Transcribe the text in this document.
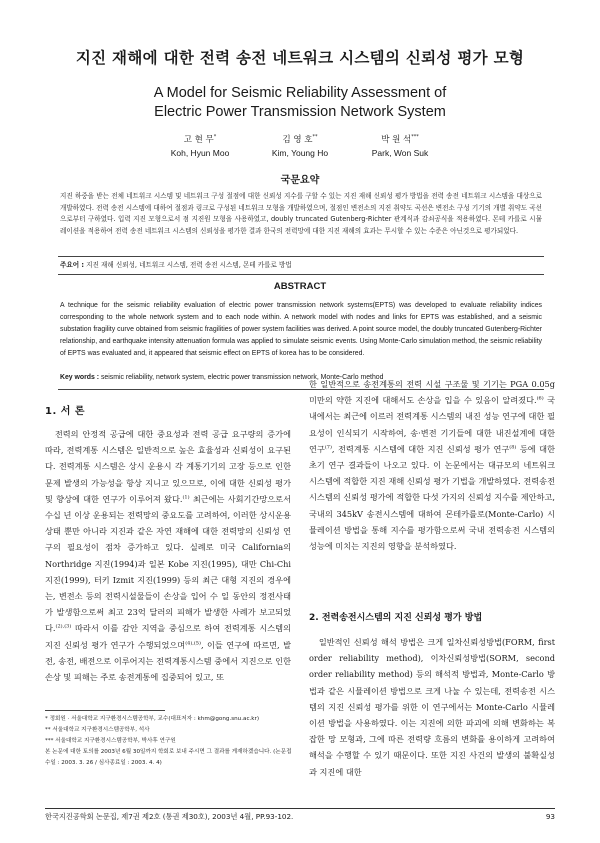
지진 재해에 대한 전력 송전 네트워크 시스템의 신뢰성 평가 모형
A Model for Seismic Reliability Assessment of
Electric Power Transmission Network System
고 현 무*
Koh, Hyun Moo
김 영 호**
Kim, Young Ho
박 원 석***
Park, Won Suk
국문요약
지진 하중을 받는 전체 네트워크 시스템 및 네트워크 구성 절점에 대한 신뢰성 지수를 구할 수 있는 지진 재해 신뢰성 평가 방법을 전력 송전 네트워크 시스템을 대상으로 개발하였다. 전력 송전 시스템에 대하여 절점과 링크로 구성된 네트워크 모형을 개발하였으며, 절점인 변전소의 지진 취약도 곡선은 변전소 구성 기기의 개별 취약도 곡선으로부터 구하였다. 입력 지진 모형으로서 점 지진원 모형을 사용하였고, doubly truncated Gutenberg-Richter 관계식과 감쇠공식을 적용하였다. 몬테 카를로 시뮬레이션을 적용하여 전력 송전 네트워크 시스템의 신뢰성을 평가한 결과 한국의 전력망에 대한 지진 재해의 효과는 무시할 수 있는 수준은 아닌것으로 평가되었다.
주요어 : 지진 재해 신뢰성, 네트워크 시스템, 전력 송전 시스템, 몬테 카를로 방법
ABSTRACT
A technique for the seismic reliability evaluation of electric power transmission network systems(EPTS) was developed to evaluate reliability indices corresponding to the whole network system and to each node within. A network model with nodes and links for EPTS was established, and a seismic substation fragility curve obtained from seismic fragilities of power system facilities was derived. A point source model, the doubly truncated Gutenberg-Richter relationship, and earthquake intensity attenuation formula was applied to simulate seismic events. Using Monte-Carlo simulation method, the seismic reliability of EPTS was evaluated and, it appeared that seismic effect on EPTS of korea has to be considered.
Key words : seismic reliability, network system, electric power transmission network, Monte-Carlo method
1. 서 론

전력의 안정적 공급에 대한 중요성과 전력 공급 요구량의 증가에 따라, 전력계통 시스템은 일반적으로 높은 효율성과 신뢰성이 요구된다. 전력계통 시스템은 상시 운용시 각 계통기기의 고장 등으로 인한 문제 발생의 가능성을 항상 지니고 있으므로, 이에 대한 신뢰성 평가 및 향상에 대한 연구가 이루어져 왔다.$^{(1)}$ 최근에는 사회기간망으로서 수십 년 이상 운용되는 전력망의 중요도를 고려하여, 이러한 상시운용상태 뿐만 아니라 지진과 같은 자연 재해에 대한 전력망의 신뢰성 연구의 필요성이 점차 증가하고 있다. 실례로 미국 California의 Northridge 지진(1994)과 일본 Kobe 지진(1995), 대만 Chi-Chi 지진(1999), 터키 Izmit 지진(1999) 등의 최근 대형 지진의 경우에는, 변전소 등의 전력시설물들이 손상을 입어 수 일 동안의 정전사태가 발생함으로써 최고 23억 달러의 피해가 발생한 사례가 보고되었다.$^{(2),(3)}$ 따라서 이를 감안 지역을 중심으로 하여 전력계통 시스템의 지진 신뢰성 평가 연구가 수행되었으며$^{(4),(5)}$, 이들 연구에 따르면, 발전, 송전, 배전으로 이루어지는 전력계통시스템 중에서 지진으로 인한 손상 및 피해는 주로 송전계통에 집중되어 있고, 또

한 일반적으로 송전계통의 전력 시설 구조물 및 기기는 PGA 0.05g 미만의 약한 지진에 대해서도 손상을 입을 수 있음이 알려졌다.$^{(6)}$ 국내에서는 최근에 이르러 전력계통 시스템의 내진 성능 연구에 대한 필요성이 인식되기 시작하여, 송·변전 기기들에 대한 내진설계에 대한 연구$^{(7)}$, 전력계통 시스템에 대한 지진 신뢰성 평가 연구$^{(8)}$ 등에 대한 초기 연구 결과들이 나오고 있다. 이 논문에서는 대규모의 네트워크 시스템에 적합한 지진 재해 신뢰성 평가 기법을 개발하였다. 전력송전 시스템의 신뢰성 평가에 적합한 다섯 가지의 신뢰성 지수를 제안하고, 국내의 345kV 송전시스템에 대하여 몬테카를로(Monte-Carlo) 시뮬레이션 방법을 통해 지수를 평가함으로써 국내 전력송전 시스템의 성능에 미치는 지진의 영향을 분석하였다.

2. 전력송전시스템의 지진 신뢰성 평가 방법

일반적인 신뢰성 해석 방법은 크게 일차신뢰성방법(FORM, first order reliability method), 이차신뢰성방법(SORM, second order reliability method) 등의 해석적 방법과, Monte-Carlo 방법과 같은 시뮬레이션 방법으로 크게 나눌 수 있는데, 전력송전 시스템의 지진 신뢰성 평가를 위한 이 연구에서는 Monte-Carlo 시뮬레이션 방법을 사용하였다. 이는 지진에 의한 파괴에 의해 변화하는 복잡한 망 모형과, 그에 따른 전력량 흐름의 변화를 용이하게 고려하여 해석을 수행할 수 있기 때문이다. 또한 지진 사건의 발생의 불확실성과 지진에 대한

* 정회원 · 서울대학교 지구환경시스템공학부, 교수(대표저자 : khm@gong.snu.ac.kr)
** 서울대학교 지구환경시스템공학부, 석사
*** 서울대학교 지구환경시스템공학부, 박사후 연구원
본 논문에 대한 토의를 2003년 6월 30일까지 학회로 보내 주시면 그 결과를 게재하겠습니다. (논문접수일 : 2003. 3. 26 / 심사종료일 : 2003. 4. 4)
한국지진공학회 논문집, 제7권 제2호 (통권 제30호), 2003년 4월, PP.93-102.	93
